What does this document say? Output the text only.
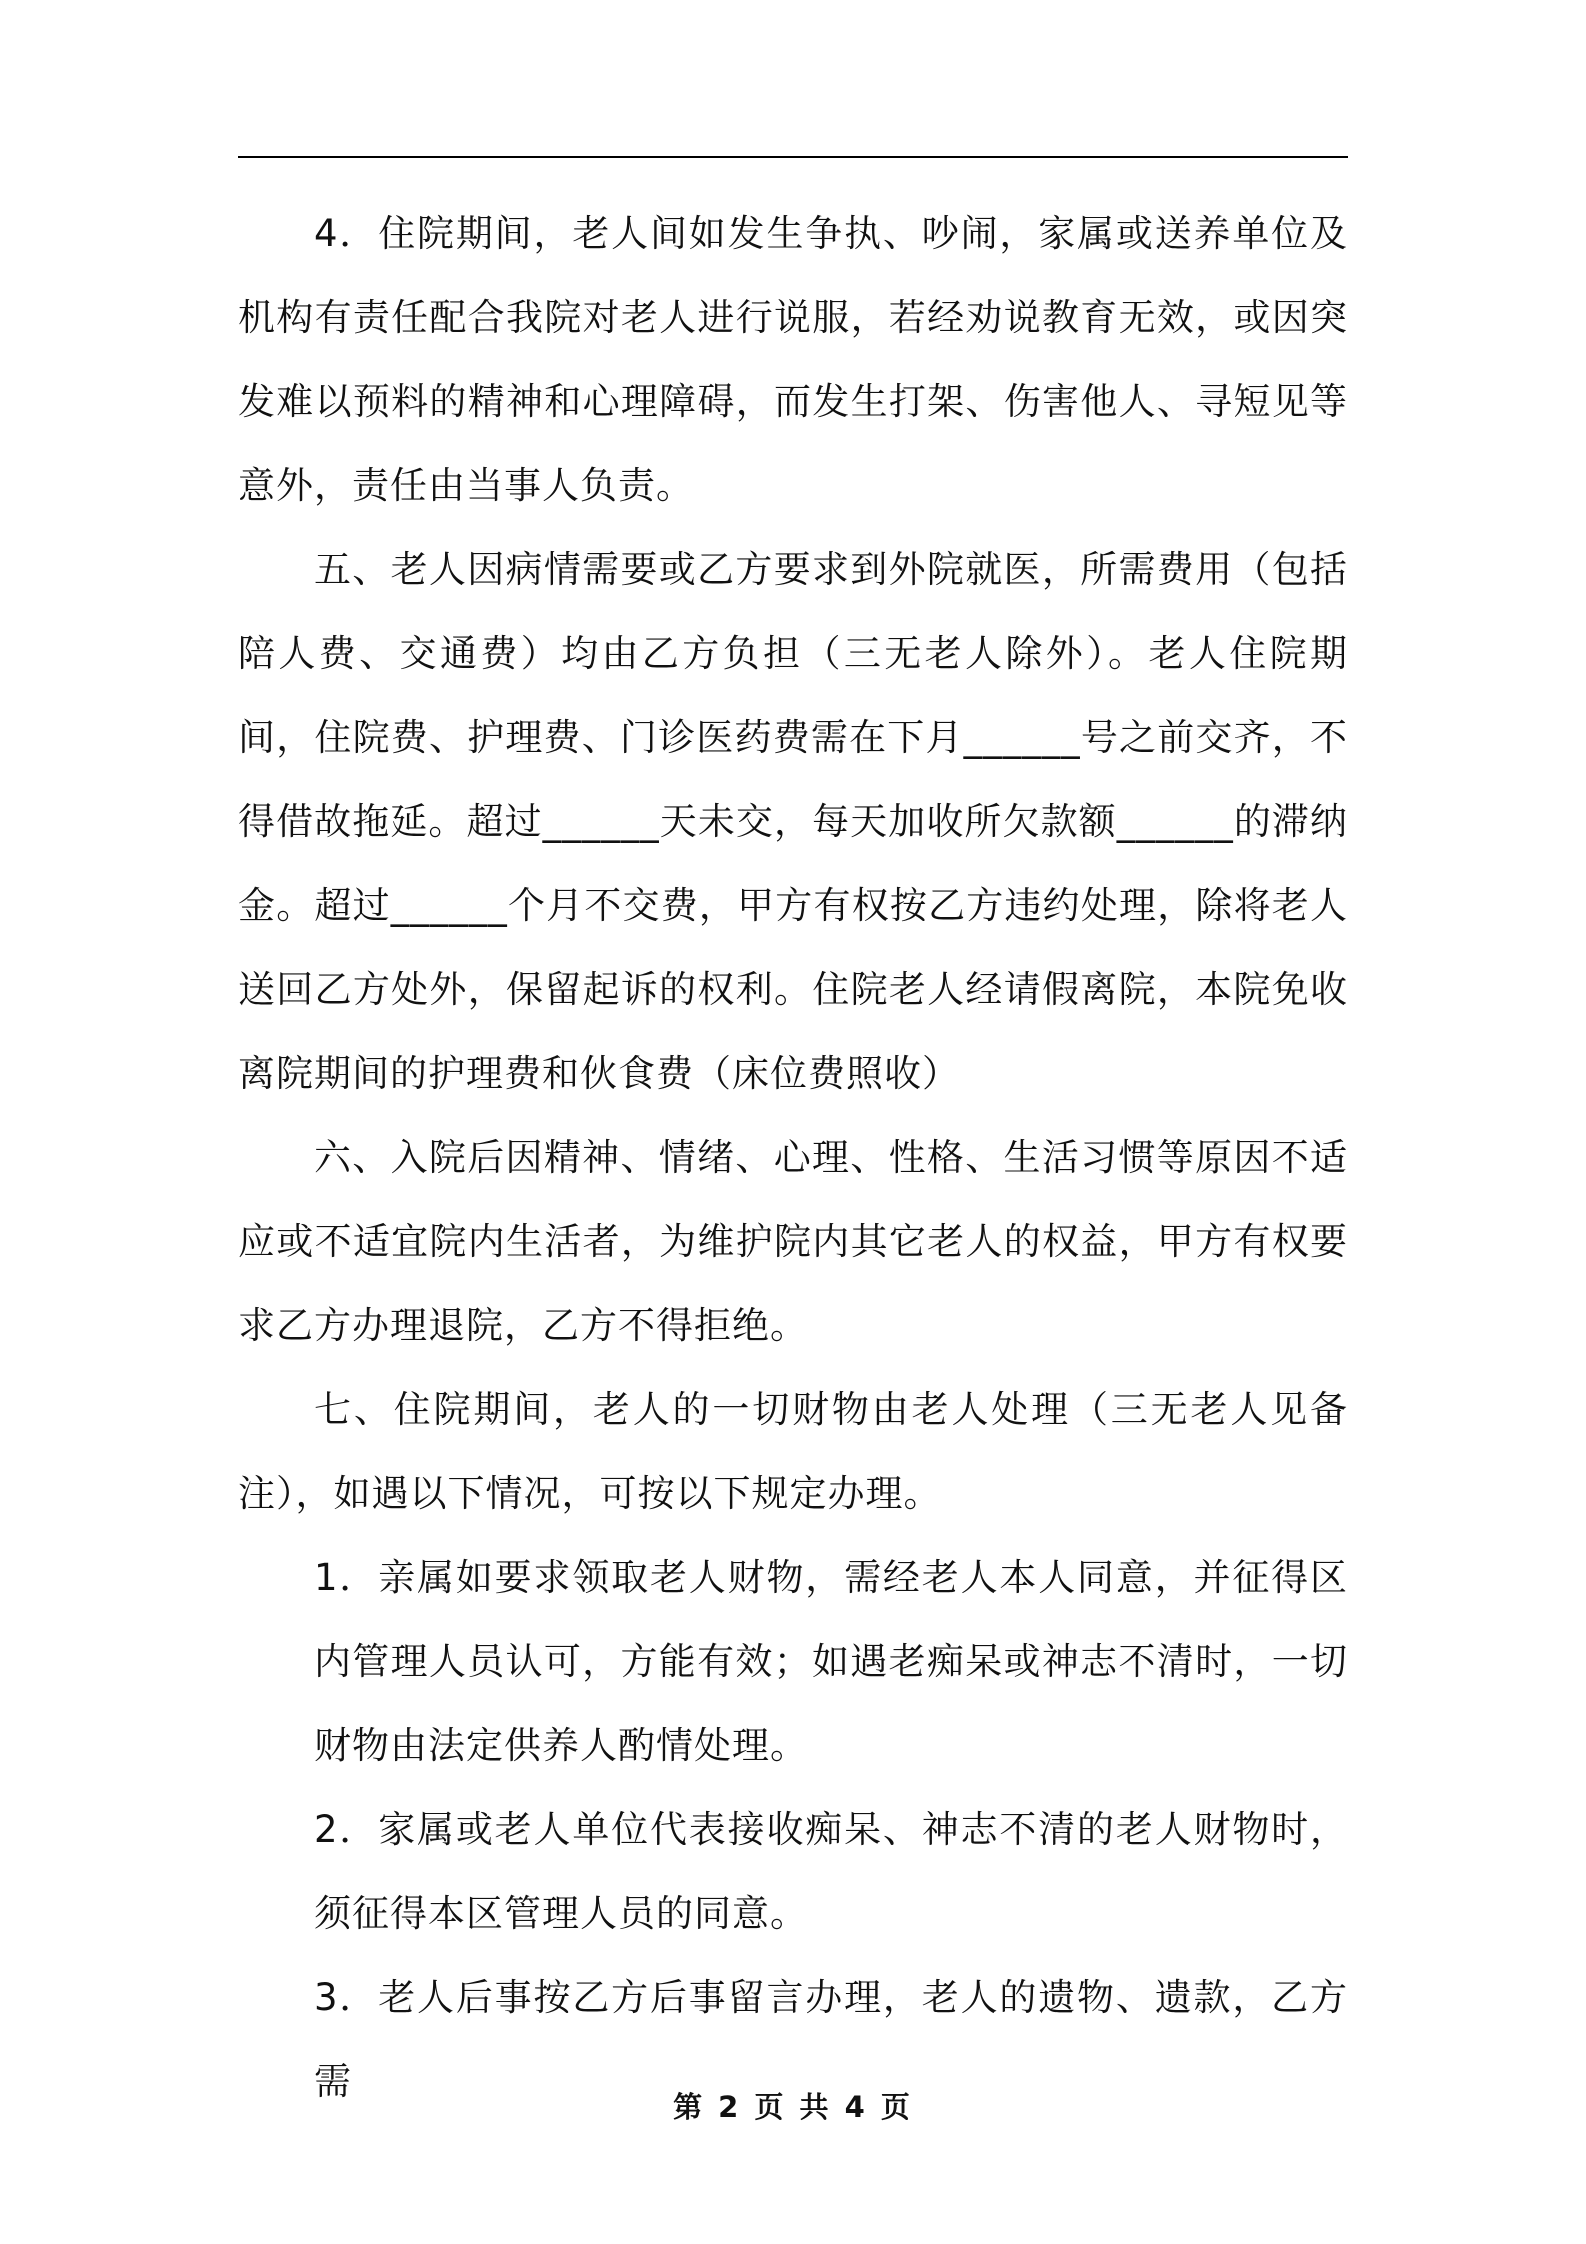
4．住院期间，老人间如发生争执、吵闹，家属或送养单位及机构有责任配合我院对老人进行说服，若经劝说教育无效，或因突发难以预料的精神和心理障碍，而发生打架、伤害他人、寻短见等意外，责任由当事人负责。

五、老人因病情需要或乙方要求到外院就医，所需费用（包括陪人费、交通费）均由乙方负担（三无老人除外）。老人住院期间，住院费、护理费、门诊医药费需在下月______号之前交齐，不得借故拖延。超过______天未交，每天加收所欠款额______的滞纳金。超过______个月不交费，甲方有权按乙方违约处理，除将老人送回乙方处外，保留起诉的权利。住院老人经请假离院，本院免收离院期间的护理费和伙食费（床位费照收）

六、入院后因精神、情绪、心理、性格、生活习惯等原因不适应或不适宜院内生活者，为维护院内其它老人的权益，甲方有权要求乙方办理退院，乙方不得拒绝。

七、住院期间，老人的一切财物由老人处理（三无老人见备注），如遇以下情况，可按以下规定办理。

1．亲属如要求领取老人财物，需经老人本人同意，并征得区内管理人员认可，方能有效；如遇老痴呆或神志不清时，一切财物由法定供养人酌情处理。

2．家属或老人单位代表接收痴呆、神志不清的老人财物时，须征得本区管理人员的同意。

3．老人后事按乙方后事留言办理，老人的遗物、遗款，乙方需

第 2 页 共 4 页
